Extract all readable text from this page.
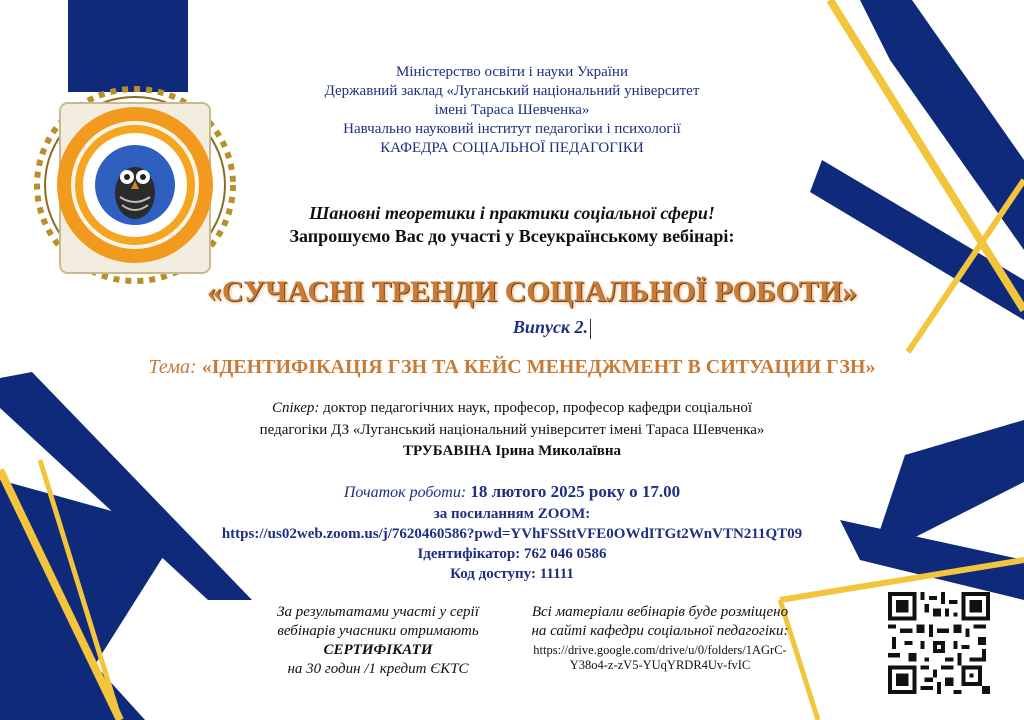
Міністерство освіти і науки України
Державний заклад «Луганський національний університет
імені Тараса Шевченка»
Навчально науковий інститут педагогіки і психології
КАФЕДРА СОЦІАЛЬНОЇ ПЕДАГОГІКИ
Шановні теоретики і практики соціальної сфери!
Запрошуємо Вас до участі у Всеукраїнському вебінарі:
«СУЧАСНІ ТРЕНДИ СОЦІАЛЬНОЇ РОБОТИ»
Випуск 2.
Тема: «ІДЕНТИФІКАЦІЯ ГЗН ТА КЕЙС МЕНЕДЖМЕНТ В СИТУАЦИИ ГЗН»
Спікер: доктор педагогічних наук, професор, професор кафедри соціальної
педагогіки ДЗ «Луганський національний університет імені Тараса Шевченка»
ТРУБАВІНА Ірина Миколаївна
Початок роботи: 18 лютого 2025 року о 17.00
за посиланням ZOOM:
https://us02web.zoom.us/j/7620460586?pwd=YVhFSSttVFE0OWdITGt2WnVTN211QT09
Ідентифікатор: 762 046 0586
Код доступу: 11111
За результатами участі у серії
вебінарів учасники отримають
СЕРТИФІКАТИ
на 30 годин /1 кредит ЄКТС
Всі матеріали вебінарів буде розміщено
на сайті кафедри соціальної педагогіки:
https://drive.google.com/drive/u/0/folders/1AGrC-
Y38o4-z-zV5-YUqYRDR4Uv-fvIC
